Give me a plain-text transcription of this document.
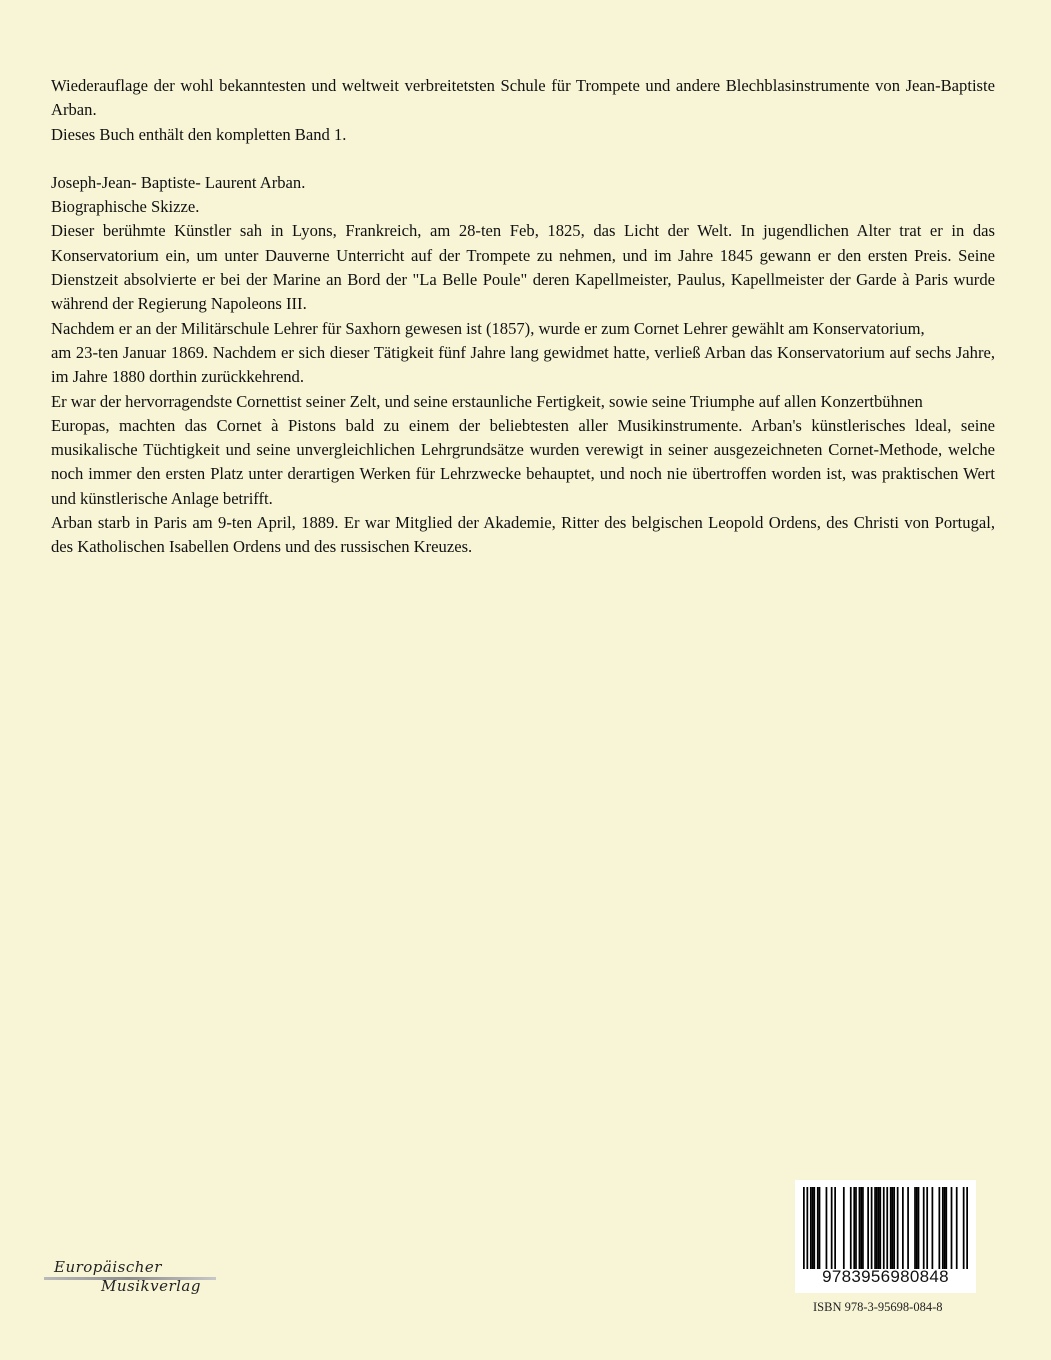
Wiederauflage der wohl bekanntesten und weltweit verbreitetsten Schule für Trompete und andere Blechblasinstrumente von Jean-Baptiste Arban.

Dieses Buch enthält den kompletten Band 1.

Joseph-Jean- Baptiste- Laurent Arban.

Biographische Skizze.

Dieser berühmte Künstler sah in Lyons, Frankreich, am 28-ten Feb, 1825, das Licht der Welt. In jugendlichen Alter trat er in das Konservatorium ein, um unter Dauverne Unterricht auf der Trompete zu nehmen, und im Jahre 1845 gewann er den ersten Preis. Seine Dienstzeit absolvierte er bei der Marine an Bord der "La Belle Poule" deren Kapellmeister, Paulus, Kapellmeister der Garde à Paris wurde während der Regierung Napoleons III.

Nachdem er an der Militärschule Lehrer für Saxhorn gewesen ist (1857), wurde er zum Cornet Lehrer gewählt am Konservatorium,

am 23-ten Januar 1869. Nachdem er sich dieser Tätigkeit fünf Jahre lang gewidmet hatte, verließ Arban das Konservatorium auf sechs Jahre, im Jahre 1880 dorthin zurückkehrend.

Er war der hervorragendste Cornettist seiner Zelt, und seine erstaunliche Fertigkeit, sowie seine Triumphe auf allen Konzertbühnen

Europas, machten das Cornet à Pistons bald zu einem der beliebtesten aller Musikinstrumente. Arban's künstlerisches ldeal, seine musikalische Tüchtigkeit und seine unvergleichlichen Lehrgrundsätze wurden verewigt in seiner ausgezeichneten Cornet-Methode, welche noch immer den ersten Platz unter derartigen Werken für Lehrzwecke behauptet, und noch nie übertroffen worden ist, was praktischen Wert und künstlerische Anlage betrifft.

Arban starb in Paris am 9-ten April, 1889. Er war Mitglied der Akademie, Ritter des belgischen Leopold Ordens, des Christi von Portugal, des Katholischen Isabellen Ordens und des russischen Kreuzes.

Europäischer
Musikverlag	9783956980848
ISBN 978-3-95698-084-8
